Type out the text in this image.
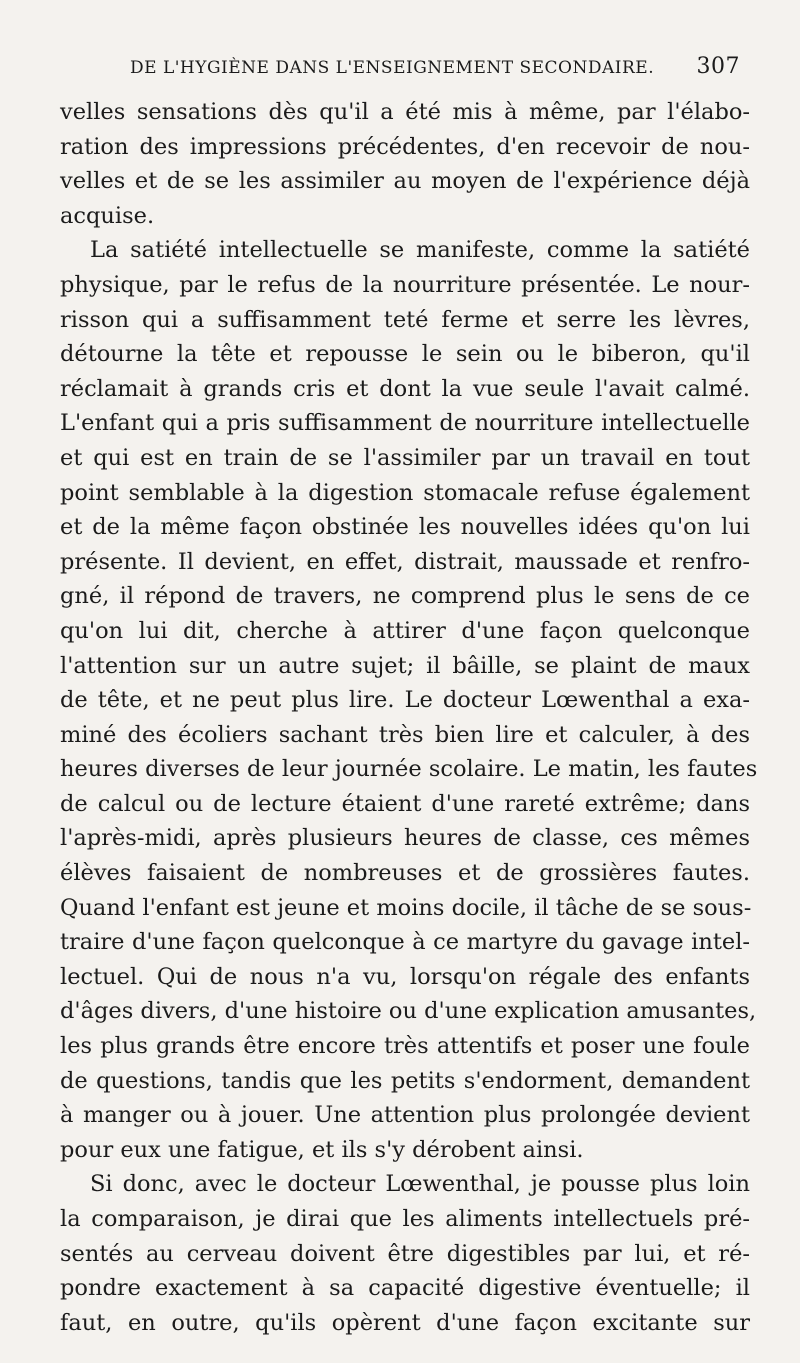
DE L'HYGIÈNE DANS L'ENSEIGNEMENT SECONDAIRE. 307
velles sensations dès qu'il a été mis à même, par l'élabo-
ration des impressions précédentes, d'en recevoir de nou-
velles et de se les assimiler au moyen de l'expérience déjà
acquise.
La satiété intellectuelle se manifeste, comme la satiété
physique, par le refus de la nourriture présentée. Le nour-
risson qui a suffisamment teté ferme et serre les lèvres,
détourne la tête et repousse le sein ou le biberon, qu'il
réclamait à grands cris et dont la vue seule l'avait calmé.
L'enfant qui a pris suffisamment de nourriture intellectuelle
et qui est en train de se l'assimiler par un travail en tout
point semblable à la digestion stomacale refuse également
et de la même façon obstinée les nouvelles idées qu'on lui
présente. Il devient, en effet, distrait, maussade et renfro-
gné, il répond de travers, ne comprend plus le sens de ce
qu'on lui dit, cherche à attirer d'une façon quelconque
l'attention sur un autre sujet; il bâille, se plaint de maux
de tête, et ne peut plus lire. Le docteur Lœwenthal a exa-
miné des écoliers sachant très bien lire et calculer, à des
heures diverses de leur journée scolaire. Le matin, les fautes
de calcul ou de lecture étaient d'une rareté extrême; dans
l'après-midi, après plusieurs heures de classe, ces mêmes
élèves faisaient de nombreuses et de grossières fautes.
Quand l'enfant est jeune et moins docile, il tâche de se sous-
traire d'une façon quelconque à ce martyre du gavage intel-
lectuel. Qui de nous n'a vu, lorsqu'on régale des enfants
d'âges divers, d'une histoire ou d'une explication amusantes,
les plus grands être encore très attentifs et poser une foule
de questions, tandis que les petits s'endorment, demandent
à manger ou à jouer. Une attention plus prolongée devient
pour eux une fatigue, et ils s'y dérobent ainsi.
Si donc, avec le docteur Lœwenthal, je pousse plus loin
la comparaison, je dirai que les aliments intellectuels pré-
sentés au cerveau doivent être digestibles par lui, et ré-
pondre exactement à sa capacité digestive éventuelle; il
faut, en outre, qu'ils opèrent d'une façon excitante sur
